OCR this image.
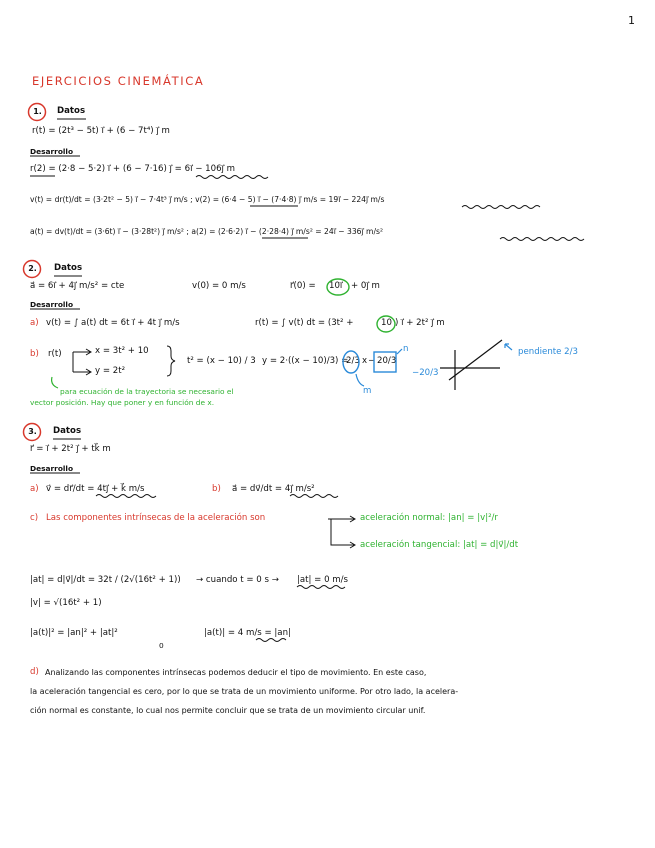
1
EJERCICIOS CINEMÁTICA
1.	Datos
r(t) = (2t³ − 5t) i⃗ + (6 − 7t⁴) j⃗ m
Desarrollo
r(2) = (2·8 − 5·2) i⃗ + (6 − 7·16) j⃗ = 6i⃗ − 106j⃗ m
v(t) = dr(t)/dt = (3·2t² − 5) i⃗ − 7·4t³ j⃗ m/s ; v(2) = (6·4 − 5) i⃗ − (7·4·8) j⃗ m/s = 19i⃗ − 224j⃗ m/s
a(t) = dv(t)/dt = (3·6t) i⃗ − (3·28t²) j⃗ m/s² ; a(2) = (2·6·2) i⃗ − (2·28·4) j⃗ m/s² = 24i⃗ − 336j⃗ m/s²
2.	Datos
a⃗ = 6i⃗ + 4j⃗ m/s² = cte	v(0) = 0 m/s	r⃗(0) = 10i⃗ + 0j⃗ m
Desarrollo
a) v(t) = ∫ a(t) dt = 6t i⃗ + 4t j⃗ m/s	r(t) = ∫ v(t) dt = (3t² +	10 ) i⃗ + 2t² j⃗ m
b) r(t)	x = 3t² + 10
y = 2t²
t² = (x − 10) / 3 y = 2·((x − 10)/3) =
2/3 x − 20/3
n
m
−20/3
pendiente 2/3
para ecuación de la trayectoria se necesario el
vector posición. Hay que poner y en función de x.
3.	Datos
r⃗ = i⃗ + 2t² j⃗ + tk⃗ m
Desarrollo
a) v⃗ = dr⃗/dt = 4tj⃗ + k⃗ m/s	b) a⃗ = dv⃗/dt = 4j⃗ m/s²
c) Las componentes intrínsecas de la aceleración son	aceleración normal: |an| = |v|²/r
aceleración tangencial: |at| = d|v⃗|/dt
|at| = d|v⃗|/dt = 32t / (2√(16t² + 1)) → cuando t = 0 s → |at| = 0 m/s
|v| = √(16t² + 1)
|a(t)|² = |an|² + |at|²
0
|a(t)| = 4 m/s = |an|
d) Analizando las componentes intrínsecas podemos deducir el tipo de movimiento. En este caso,
la aceleración tangencial es cero, por lo que se trata de un movimiento uniforme. Por otro lado, la acelera-
ción normal es constante, lo cual nos permite concluir que se trata de un movimiento circular unif.
